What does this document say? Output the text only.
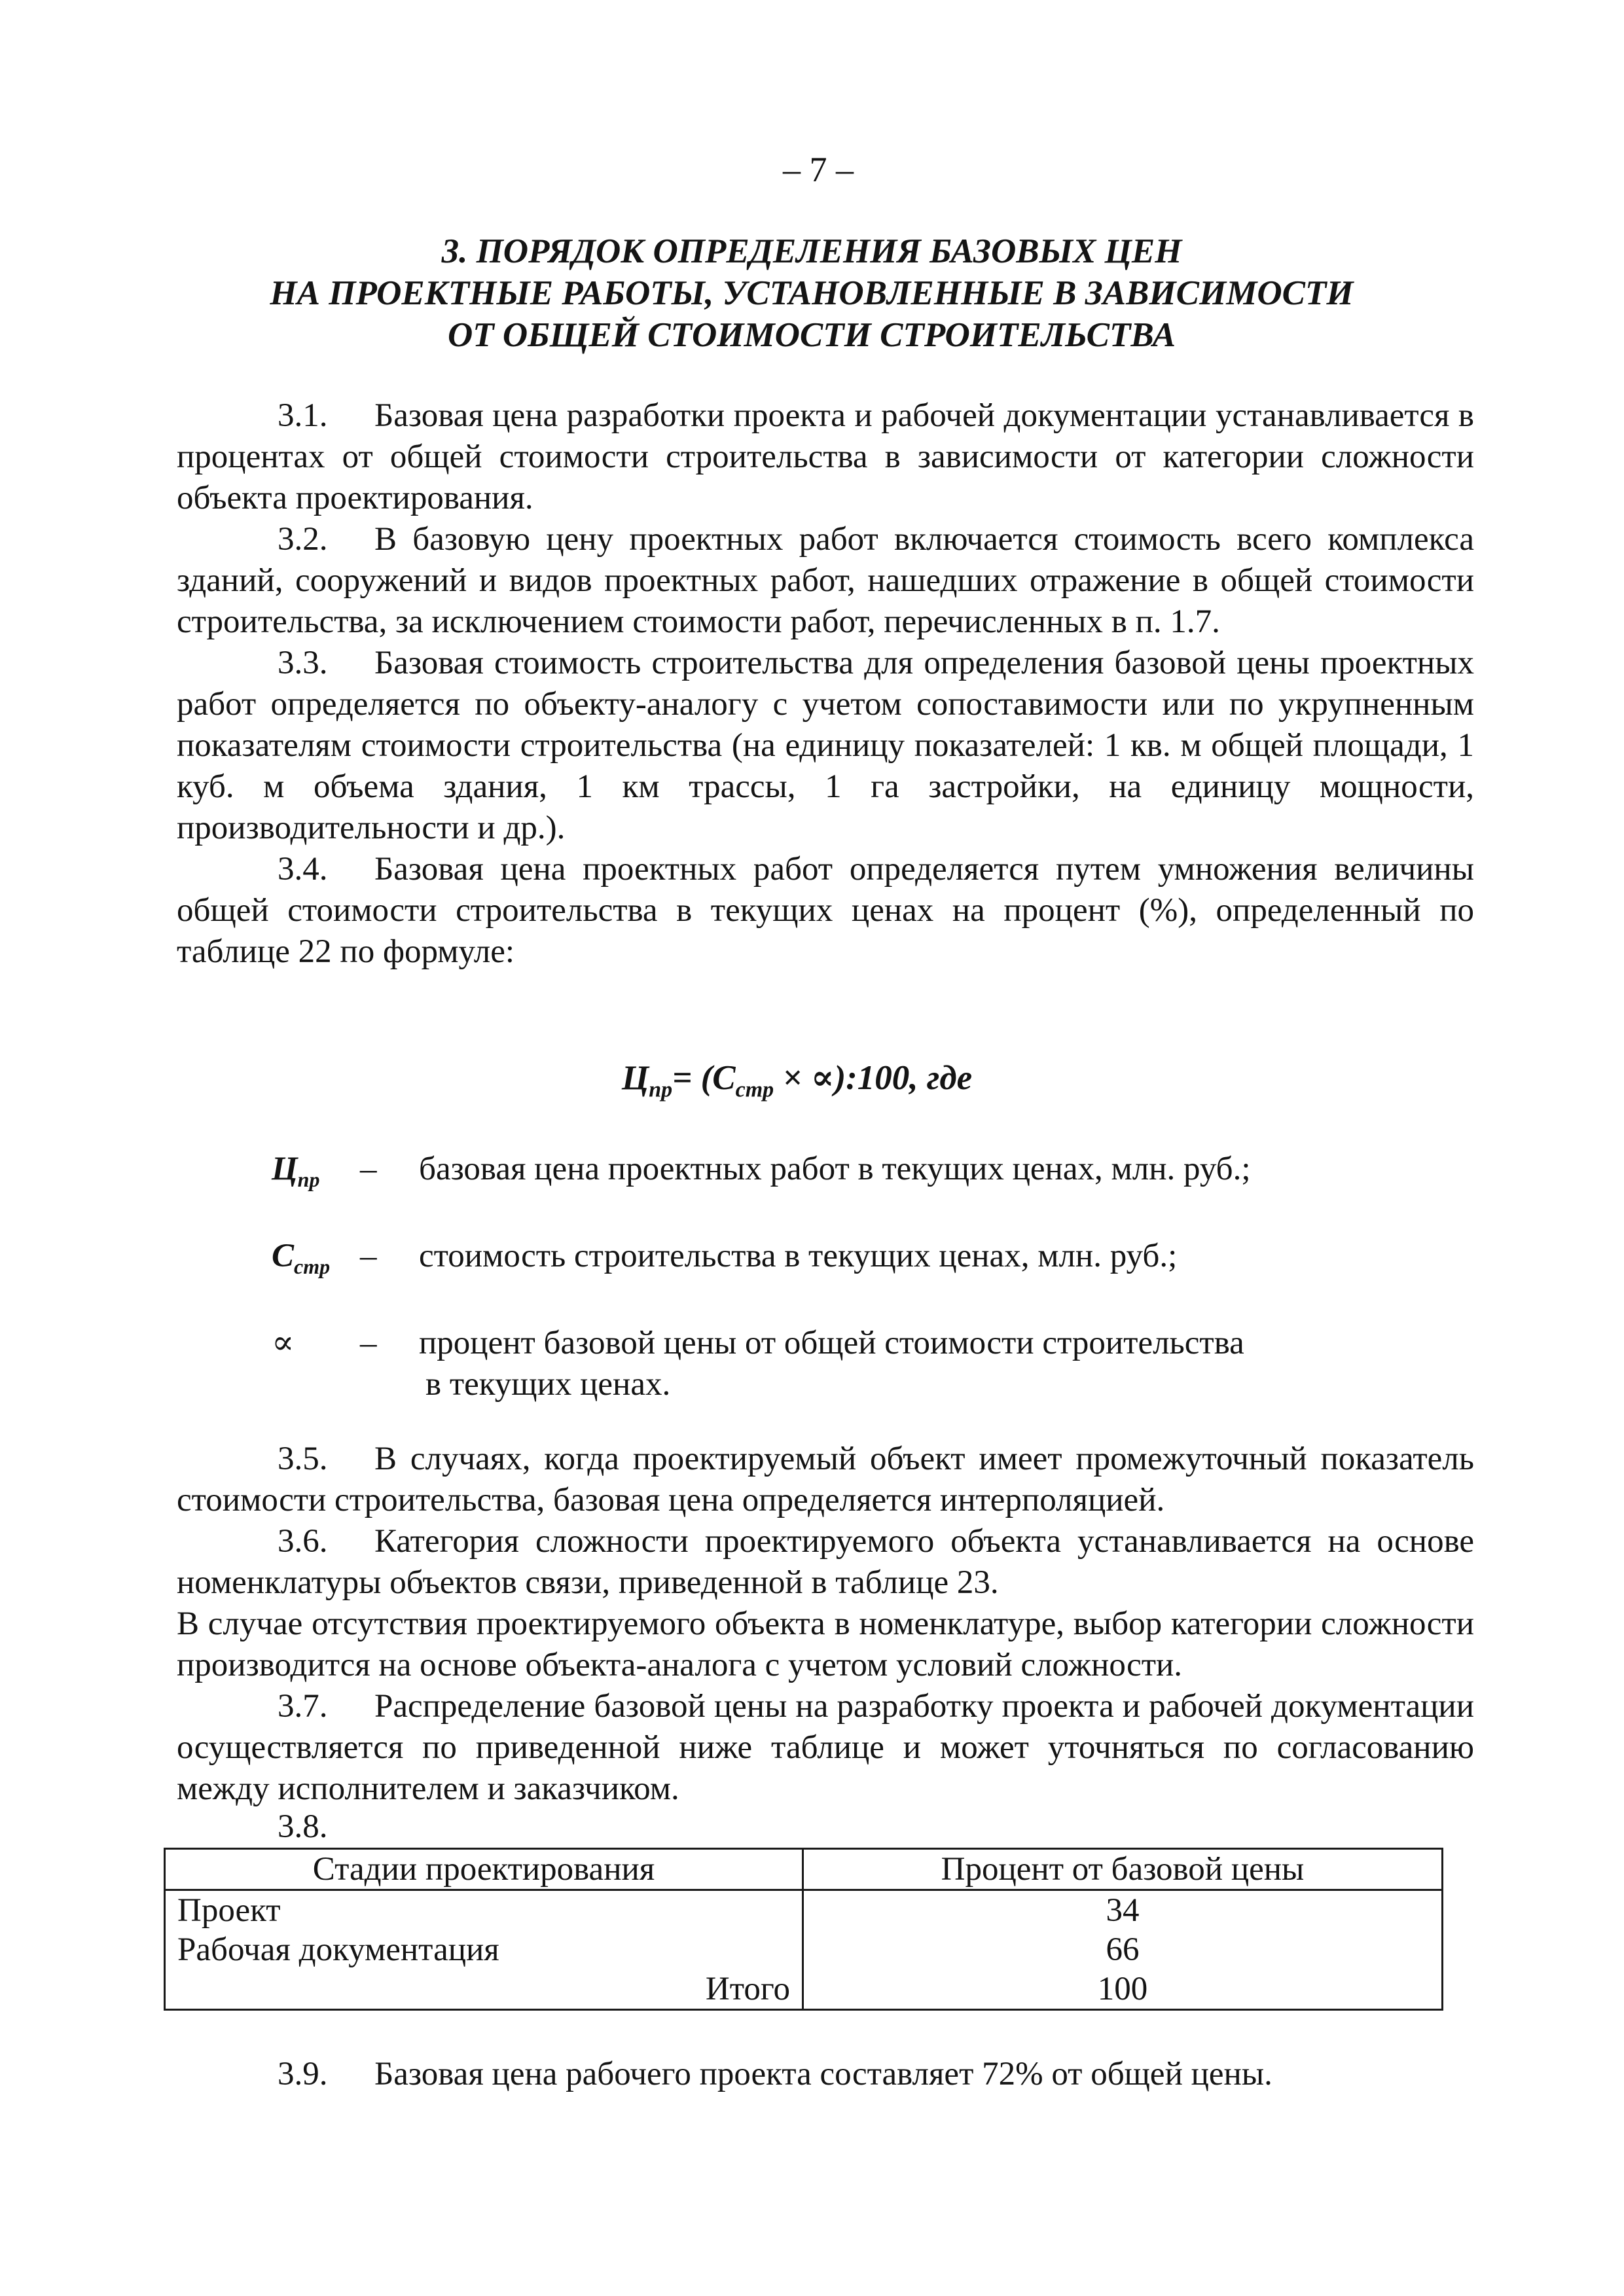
– 7 –
3. ПОРЯДОК ОПРЕДЕЛЕНИЯ БАЗОВЫХ ЦЕН
НА ПРОЕКТНЫЕ РАБОТЫ, УСТАНОВЛЕННЫЕ В ЗАВИСИМОСТИ
ОТ ОБЩЕЙ СТОИМОСТИ СТРОИТЕЛЬСТВА

3.1. Базовая цена разработки проекта и рабочей документации устанавливается в процентах от общей стоимости строительства в зависимости от категории сложности объекта проектирования.

3.2. В базовую цену проектных работ включается стоимость всего комплекса зданий, сооружений и видов проектных работ, нашедших отражение в общей стоимости строительства, за исключением стоимости работ, перечисленных в п. 1.7.

3.3. Базовая стоимость строительства для определения базовой цены проектных работ определяется по объекту-аналогу с учетом сопоставимости или по укрупненным показателям стоимости строительства (на единицу показателей: 1 кв. м общей площади, 1 куб. м объема здания, 1 км трассы, 1 га застройки, на единицу мощности, производительности и др.).

3.4. Базовая цена проектных работ определяется путем умножения величины общей стоимости строительства в текущих ценах на процент (%), определенный по таблице 22 по формуле:

$Ц_{пр}= (С_{стр}$ × ∝):100, где
$Ц_{пр}$ – базовая цена проектных работ в текущих ценах, млн. руб.;
$С_{стр}$ – стоимость строительства в текущих ценах, млн. руб.;
∝ – процент базовой цены от общей стоимости строительства
в текущих ценах.

3.5. В случаях, когда проектируемый объект имеет промежуточный показатель стоимости строительства, базовая цена определяется интерполяцией.

3.6. Категория сложности проектируемого объекта устанавливается на основе номенклатуры объектов связи, приведенной в таблице 23.

В случае отсутствия проектируемого объекта в номенклатуре, выбор категории сложности производится на основе объекта-аналога с учетом условий сложности.

3.7. Распределение базовой цены на разработку проекта и рабочей документации осуществляется по приведенной ниже таблице и может уточняться по согласованию между исполнителем и заказчиком.

3.8.
Стадии проектирования	Процент от базовой цены
Проект	34
Рабочая документация	66
Итого	100

3.9. Базовая цена рабочего проекта составляет 72% от общей цены.
